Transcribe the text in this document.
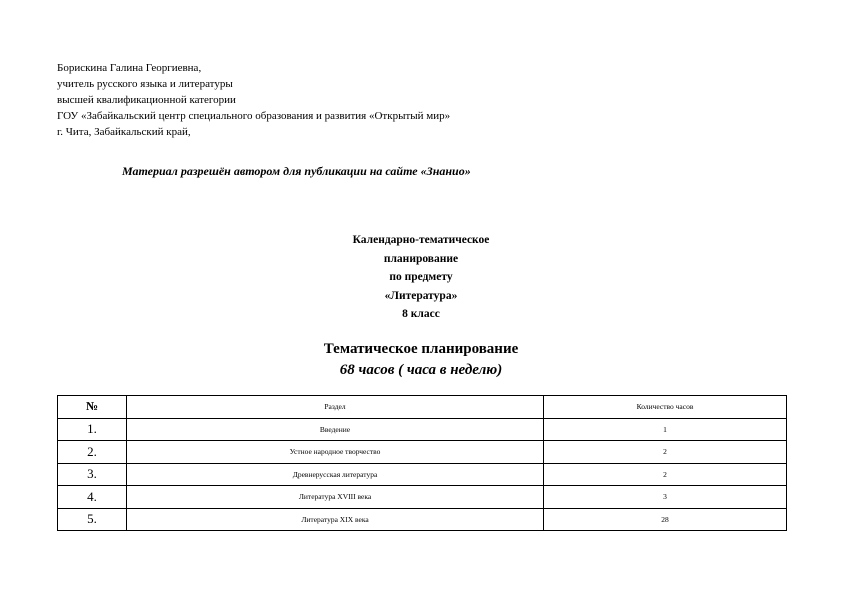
Борискина Галина Георгиевна,
учитель русского языка и литературы
высшей квалификационной категории
ГОУ «Забайкальский центр специального образования и развития «Открытый мир»
г. Чита, Забайкальский край,
Материал разрешён автором для публикации на сайте «Знанио»
Календарно-тематическое
планирование
по предмету
«Литература»
8 класс
Тематическое планирование
68 часов ( часа в неделю)
№	Раздел	Количество часов
1.	Введение	1
2.	Устное народное творчество	2
3.	Древнерусская литература	2
4.	Литература XVIII века	3
5.	Литература XIX века	28
